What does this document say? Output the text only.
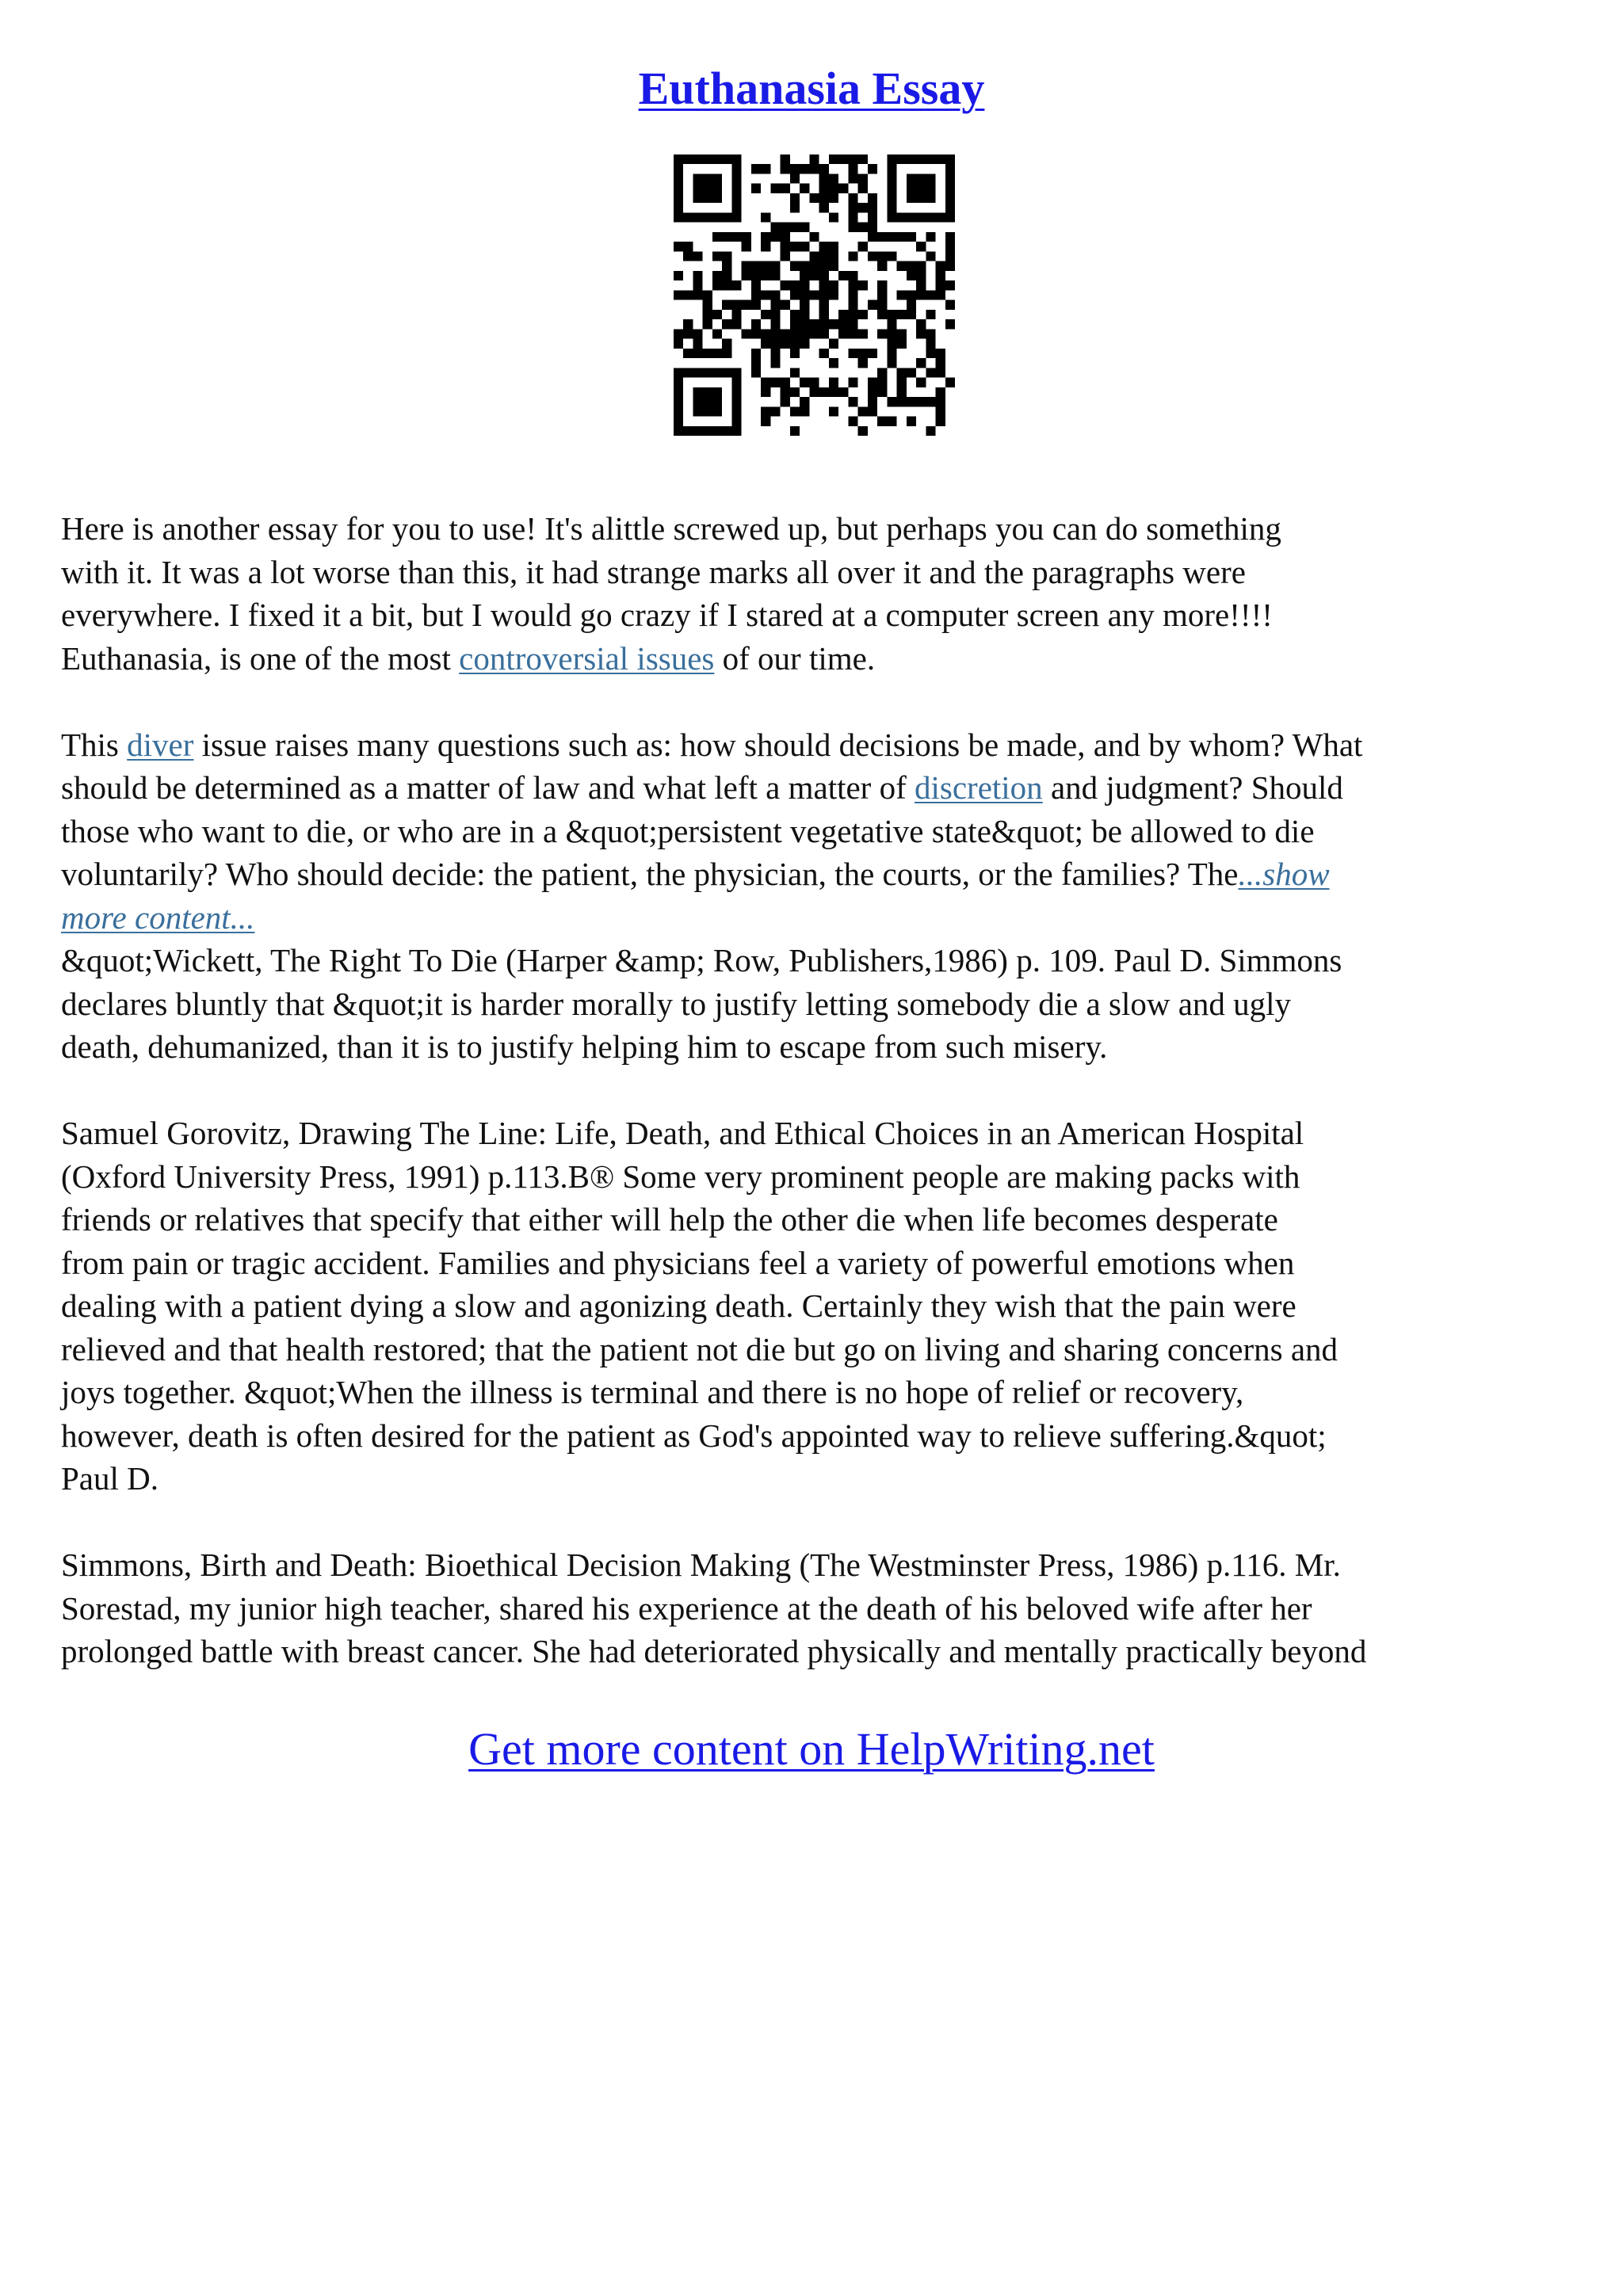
Euthanasia Essay
Here is another essay for you to use! It's alittle screwed up, but perhaps you can do something
with it. It was a lot worse than this, it had strange marks all over it and the paragraphs were
everywhere. I fixed it a bit, but I would go crazy if I stared at a computer screen any more!!!!
Euthanasia, is one of the most controversial issues of our time.
This diver issue raises many questions such as: how should decisions be made, and by whom? What
should be determined as a matter of law and what left a matter of discretion and judgment? Should
those who want to die, or who are in a &quot;persistent vegetative state&quot; be allowed to die
voluntarily? Who should decide: the patient, the physician, the courts, or the families? The...show
more content...
&quot;Wickett, The Right To Die (Harper &amp; Row, Publishers,1986) p. 109. Paul D. Simmons
declares bluntly that &quot;it is harder morally to justify letting somebody die a slow and ugly
death, dehumanized, than it is to justify helping him to escape from such misery.
Samuel Gorovitz, Drawing The Line: Life, Death, and Ethical Choices in an American Hospital
(Oxford University Press, 1991) p.113.B® Some very prominent people are making packs with
friends or relatives that specify that either will help the other die when life becomes desperate
from pain or tragic accident. Families and physicians feel a variety of powerful emotions when
dealing with a patient dying a slow and agonizing death. Certainly they wish that the pain were
relieved and that health restored; that the patient not die but go on living and sharing concerns and
joys together. &quot;When the illness is terminal and there is no hope of relief or recovery,
however, death is often desired for the patient as God's appointed way to relieve suffering.&quot;
Paul D.
Simmons, Birth and Death: Bioethical Decision Making (The Westminster Press, 1986) p.116. Mr.
Sorestad, my junior high teacher, shared his experience at the death of his beloved wife after her
prolonged battle with breast cancer. She had deteriorated physically and mentally practically beyond
Get more content on HelpWriting.net
